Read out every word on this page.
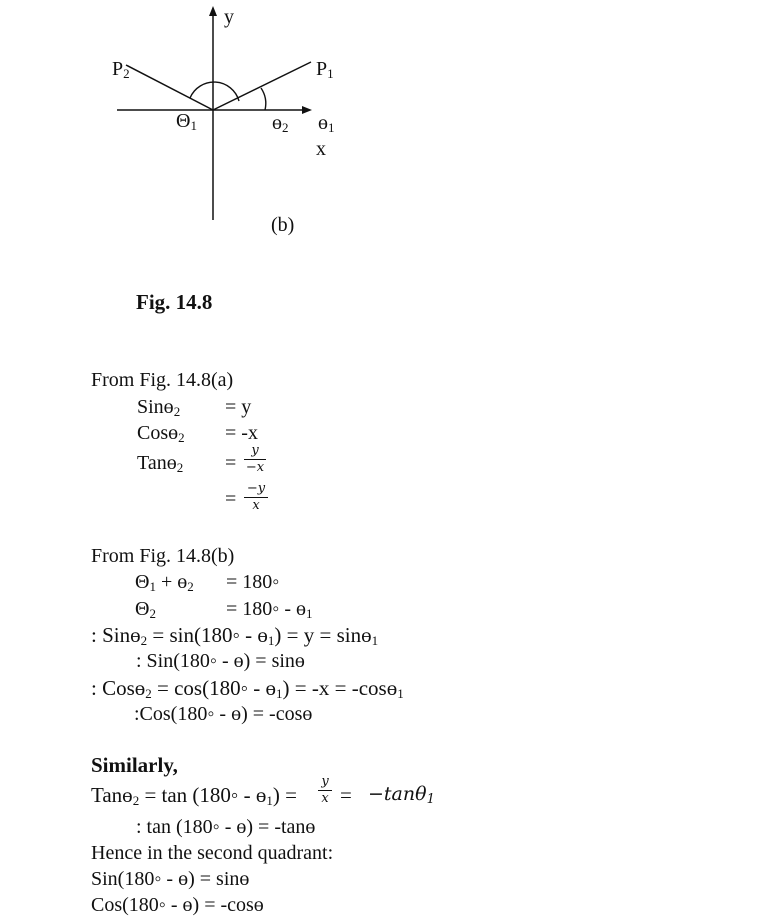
y
x
$P_1$
$P_2$
$\Theta_1$	ɵ$_2$ ɵ$_1$
(b)
Fig. 14.8
From Fig. 14.8(a)
Sinɵ$_2$ = y
Cosɵ$_2$ = -x
Tanɵ$_2$ =
y
−x
= −y
x
From Fig. 14.8(b)
$\Theta_1$ + ɵ$_2$ = 180◦
$\Theta_2$	= 180◦ - ɵ$_1$
: Sinɵ$_2$ = sin(180◦ - ɵ$_1$) = y = sinɵ$_1$
: Sin(180◦ - ɵ) = sinɵ
: Cosɵ$_2$ = cos(180◦ - ɵ$_1$) = -x = -cosɵ$_1$
:Cos(180◦ - ɵ) = -cosɵ
Similarly,
Tanɵ$_2$ = tan (180◦ - ɵ$_1$) =
y
x = −tanθ$_1$
: tan (180◦ - ɵ) = -tanɵ
Hence in the second quadrant:
Sin(180◦ - ɵ) = sinɵ
Cos(180◦ - ɵ) = -cosɵ
